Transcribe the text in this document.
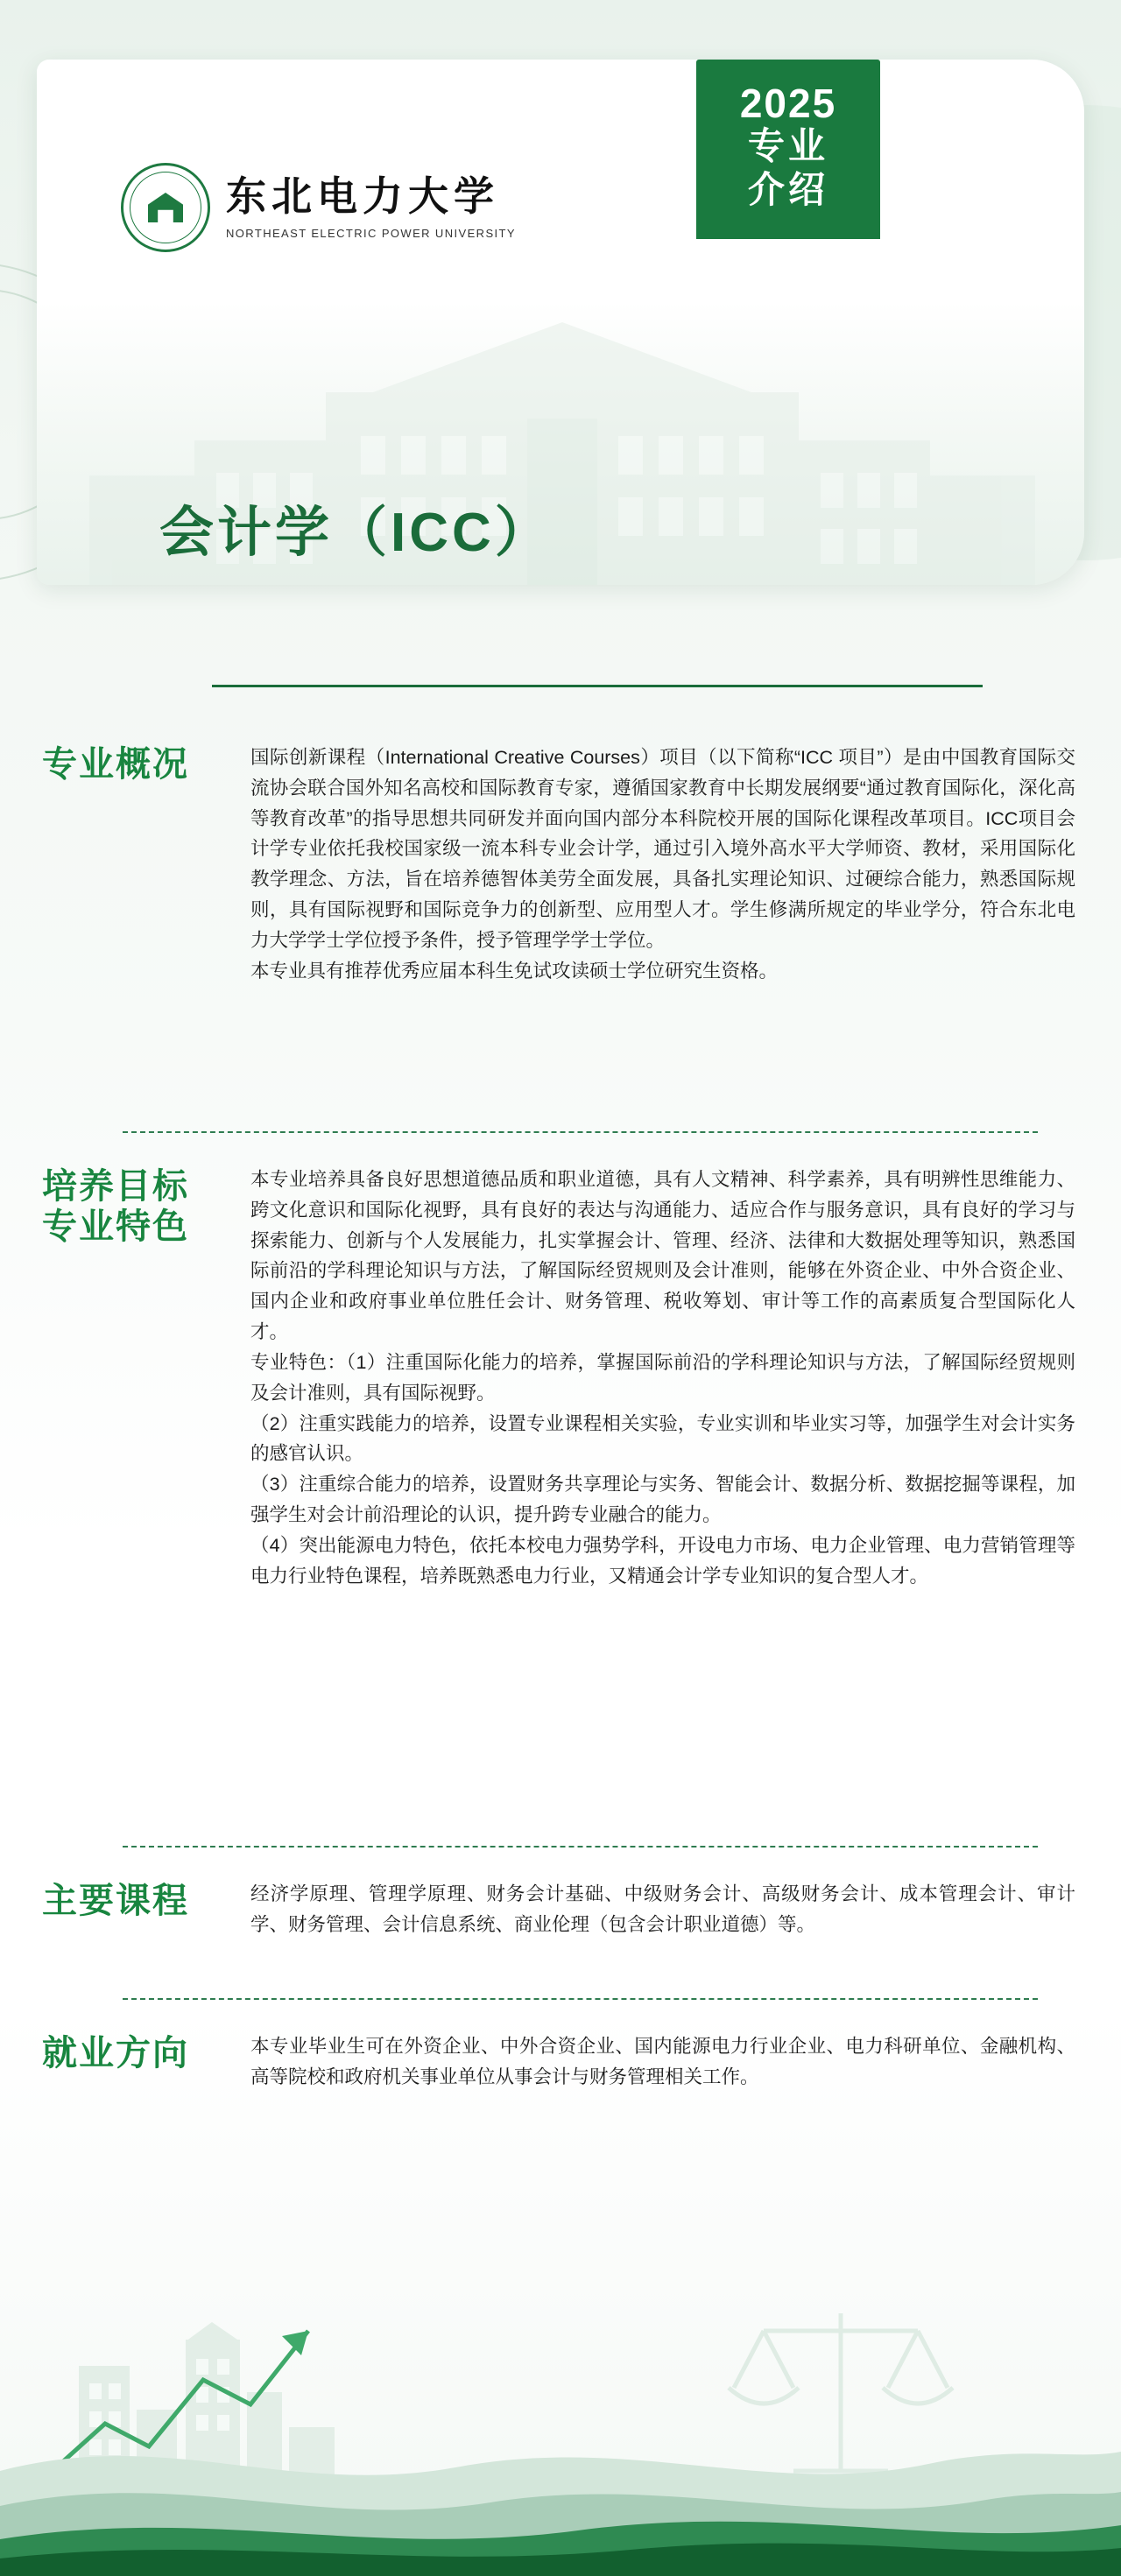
东北电力大学
NORTHEAST ELECTRIC POWER UNIVERSITY
会计学（ICC）
2025
专业
介绍
专业概况	国际创新课程（International Creative Courses）项目（以下简称“ICC 项目”）是由中国教育国际交流协会联合国外知名高校和国际教育专家，遵循国家教育中长期发展纲要“通过教育国际化，深化高等教育改革”的指导思想共同研发并面向国内部分本科院校开展的国际化课程改革项目。ICC项目会计学专业依托我校国家级一流本科专业会计学，通过引入境外高水平大学师资、教材，采用国际化教学理念、方法，旨在培养德智体美劳全面发展，具备扎实理论知识、过硬综合能力，熟悉国际规则，具有国际视野和国际竞争力的创新型、应用型人才。学生修满所规定的毕业学分，符合东北电力大学学士学位授予条件，授予管理学学士学位。

本专业具有推荐优秀应届本科生免试攻读硕士学位研究生资格。

培养目标
专业特色

本专业培养具备良好思想道德品质和职业道德，具有人文精神、科学素养，具有明辨性思维能力、跨文化意识和国际化视野，具有良好的表达与沟通能力、适应合作与服务意识，具有良好的学习与探索能力、创新与个人发展能力，扎实掌握会计、管理、经济、法律和大数据处理等知识，熟悉国际前沿的学科理论知识与方法，了解国际经贸规则及会计准则，能够在外资企业、中外合资企业、国内企业和政府事业单位胜任会计、财务管理、税收筹划、审计等工作的高素质复合型国际化人才。

专业特色：（1）注重国际化能力的培养，掌握国际前沿的学科理论知识与方法，了解国际经贸规则及会计准则，具有国际视野。

（2）注重实践能力的培养，设置专业课程相关实验，专业实训和毕业实习等，加强学生对会计实务的感官认识。

（3）注重综合能力的培养，设置财务共享理论与实务、智能会计、数据分析、数据挖掘等课程，加强学生对会计前沿理论的认识，提升跨专业融合的能力。

（4）突出能源电力特色，依托本校电力强势学科，开设电力市场、电力企业管理、电力营销管理等电力行业特色课程，培养既熟悉电力行业，又精通会计学专业知识的复合型人才。

主要课程	经济学原理、管理学原理、财务会计基础、中级财务会计、高级财务会计、成本管理会计、审计学、财务管理、会计信息系统、商业伦理（包含会计职业道德）等。

就业方向	本专业毕业生可在外资企业、中外合资企业、国内能源电力行业企业、电力科研单位、金融机构、高等院校和政府机关事业单位从事会计与财务管理相关工作。
